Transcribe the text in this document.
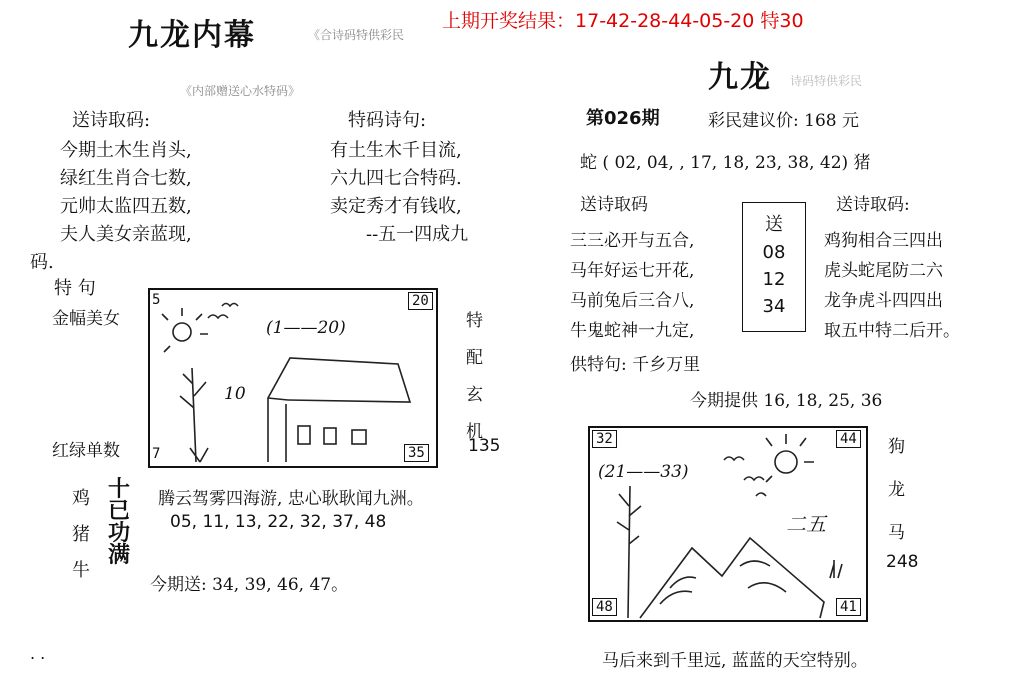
上期开奖结果：17-42-28-44-05-20 特30
九龙内幕	《合诗码特供彩民
《内部赠送心水特码》
送诗取码:
今期土木生肖头,
绿红生肖合七数,
元帅太监四五数,
夫人美女亲蓝现,
特码诗句:
有土生木千目流,
六九四七合特码.
卖定秀才有钱收,
--五一四成九
码.
特 句
金幅美女
红绿单数
5	20
7	35
(1——20)
10
特
配
玄
机
135
鸡
猪
牛
十
已
功
满
腾云驾雾四海游, 忠心耿耿闻九洲。
05, 11, 13, 22, 32, 37, 48
今期送: 34, 39, 46, 47。
. .
九龙 诗码特供彩民
第026期	彩民建议价: 168 元
蛇 ( 02, 04, , 17, 18, 23, 38, 42) 猪
送诗取码
三三必开与五合,
马年好运七开花,
马前兔后三合八,
牛鬼蛇神一九定,
送
08
12
34
送诗取码:
鸡狗相合三四出
虎头蛇尾防二六
龙争虎斗四四出
取五中特二后开。
供特句: 千乡万里
今期提供 16, 18, 25, 36
32	44
48	41
(21——33)
二五
狗
龙
马
248
马后来到千里远, 蓝蓝的天空特别。
